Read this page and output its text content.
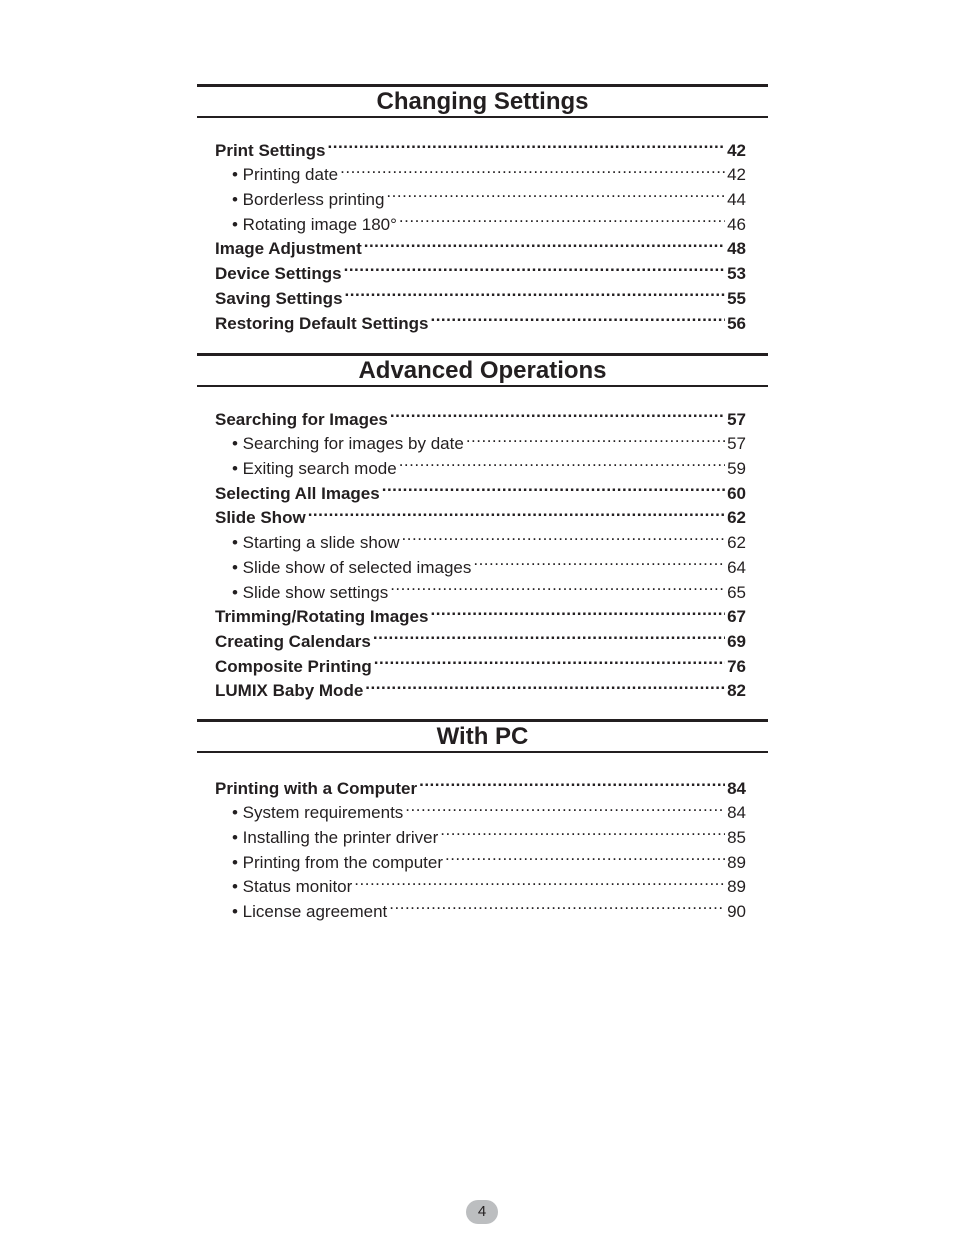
Changing Settings
Print Settings .....	42
• Printing date .....	42
• Borderless printing .....	44
• Rotating image 180° .....	46
Image Adjustment .....	48
Device Settings .....	53
Saving Settings .....	55
Restoring Default Settings .....	56
Advanced Operations
Searching for Images .....	57
• Searching for images by date .....	57
• Exiting search mode .....	59
Selecting All Images .....	60
Slide Show .....	62
• Starting a slide show .....	62
• Slide show of selected images .....	64
• Slide show settings .....	65
Trimming/Rotating Images .....	67
Creating Calendars .....	69
Composite Printing .....	76
LUMIX Baby Mode .....	82
With PC
Printing with a Computer .....	84
• System requirements .....	84
• Installing the printer driver .....	85
• Printing from the computer .....	89
• Status monitor .....	89
• License agreement .....	90
4
